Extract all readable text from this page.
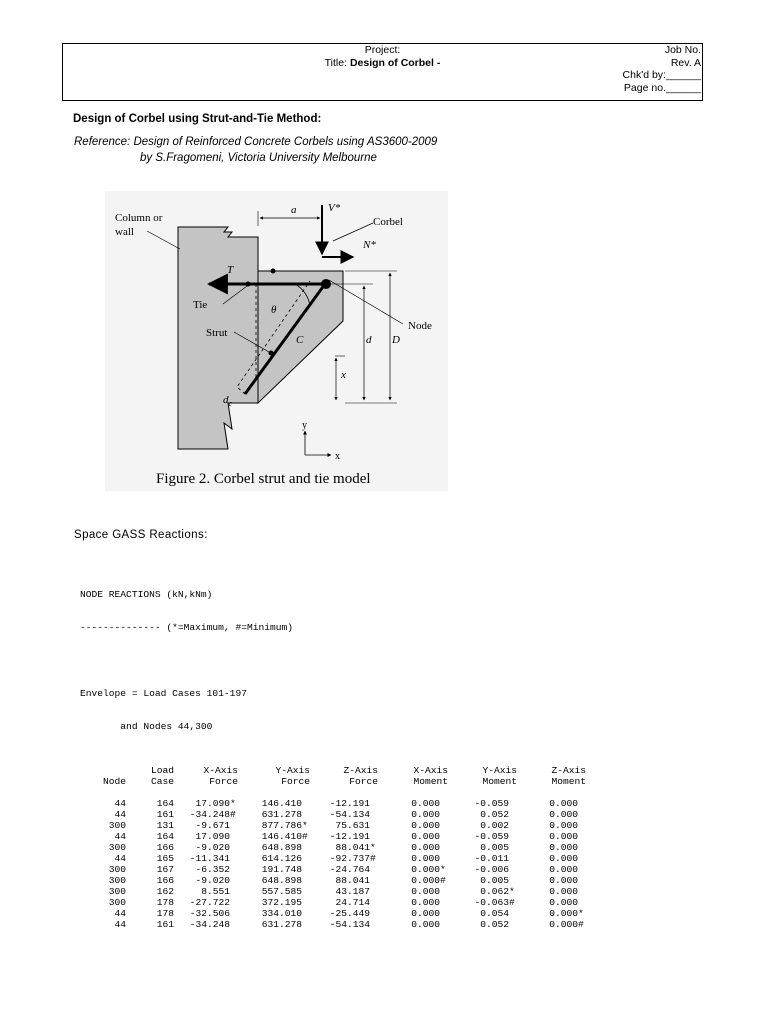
Project:
Title: Design of Corbel -
Job No.
Rev. A
Chk'd by:______
Page no.______
Design of Corbel using Strut-and-Tie Method:
Reference: Design of Reinforced Concrete Corbels using AS3600-2009
by S.Fragomeni, Victoria University Melbourne
Column or
wall
Corbel
a	V*
N*
T
Tie	θ
Strut
C
Node
d D
x
$d_c$
y
x
Figure 2. Corbel strut and tie model
Space GASS Reactions:

NODE REACTIONS (kN,kNm)

-------------- (*=Maximum, #=Minimum)

Envelope = Load Cases 101-197

and Nodes 44,300

	Load	X-Axis	Y-Axis	Z-Axis	X-Axis	Y-Axis	Z-Axis
Node	Case	Force	Force	Force	Moment	Moment	Moment

44	164	17.090*	146.410	-12.191	0.000	-0.059	0.000
44	161	-34.248#	631.278	-54.134	0.000	0.052	0.000
300	131	-9.671	877.786*	75.631	0.000	0.002	0.000
44	164	17.090	146.410#	-12.191	0.000	-0.059	0.000
300	166	-9.020	648.898	88.041*	0.000	0.005	0.000
44	165	-11.341	614.126	-92.737#	0.000	-0.011	0.000
300	167	-6.352	191.748	-24.764	0.000*	-0.006	0.000
300	166	-9.020	648.898	88.041	0.000#	0.005	0.000
300	162	8.551	557.585	43.187	0.000	0.062*	0.000
300	178	-27.722	372.195	24.714	0.000	-0.063#	0.000
44	178	-32.506	334.010	-25.449	0.000	0.054	0.000*
44	161	-34.248	631.278	-54.134	0.000	0.052	0.000#
